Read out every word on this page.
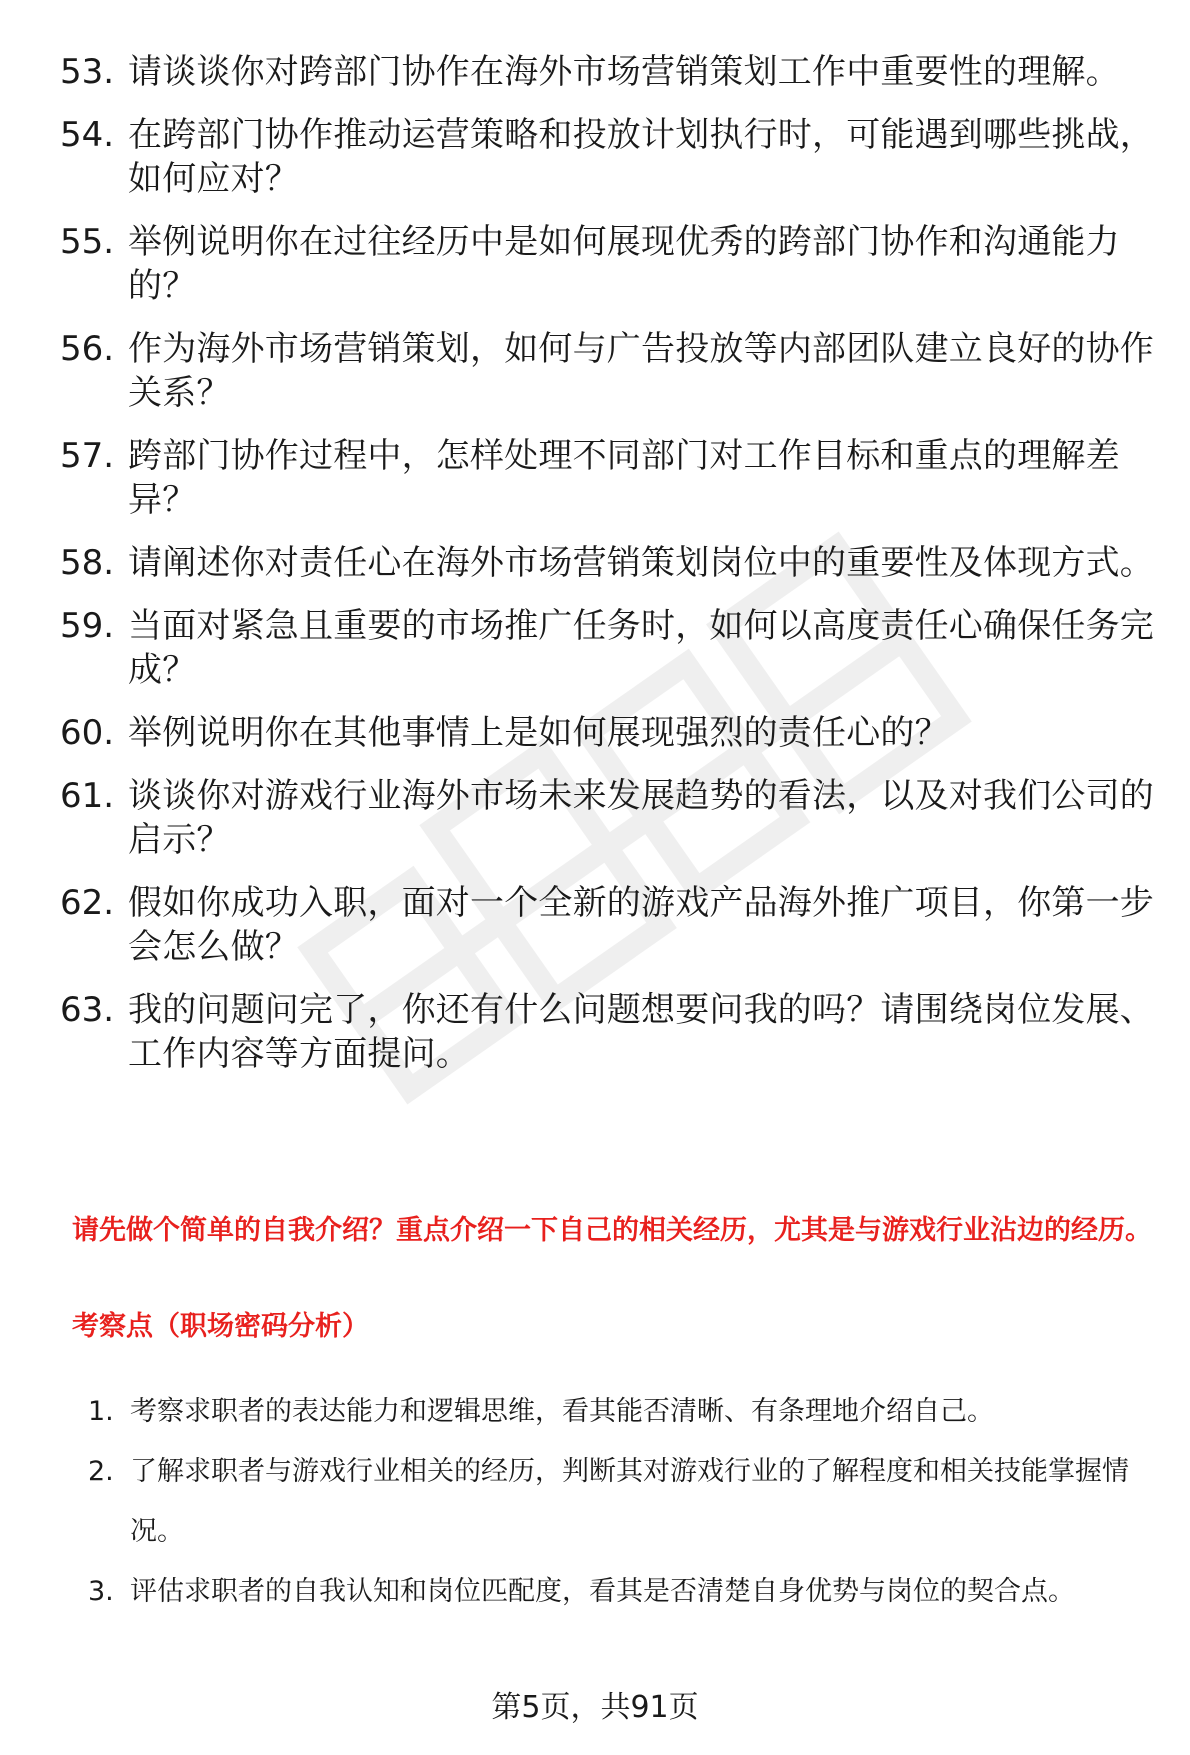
53. 请谈谈你对跨部门协作在海外市场营销策划工作中重要性的理解。
54. 在跨部门协作推动运营策略和投放计划执行时，可能遇到哪些挑战，如何应对？
55. 举例说明你在过往经历中是如何展现优秀的跨部门协作和沟通能力的？
56. 作为海外市场营销策划，如何与广告投放等内部团队建立良好的协作关系？
57. 跨部门协作过程中，怎样处理不同部门对工作目标和重点的理解差异？
58. 请阐述你对责任心在海外市场营销策划岗位中的重要性及体现方式。
59. 当面对紧急且重要的市场推广任务时，如何以高度责任心确保任务完成？
60. 举例说明你在其他事情上是如何展现强烈的责任心的？
61. 谈谈你对游戏行业海外市场未来发展趋势的看法，以及对我们公司的启示？
62. 假如你成功入职，面对一个全新的游戏产品海外推广项目，你第一步会怎么做？
63. 我的问题问完了，你还有什么问题想要问我的吗？请围绕岗位发展、工作内容等方面提问。
请先做个简单的自我介绍？重点介绍一下自己的相关经历，尤其是与游戏行业沾边的经历。
考察点（职场密码分析）
1. 考察求职者的表达能力和逻辑思维，看其能否清晰、有条理地介绍自己。
2. 了解求职者与游戏行业相关的经历，判断其对游戏行业的了解程度和相关技能掌握情况。
3. 评估求职者的自我认知和岗位匹配度，看其是否清楚自身优势与岗位的契合点。
第5页，共91页
